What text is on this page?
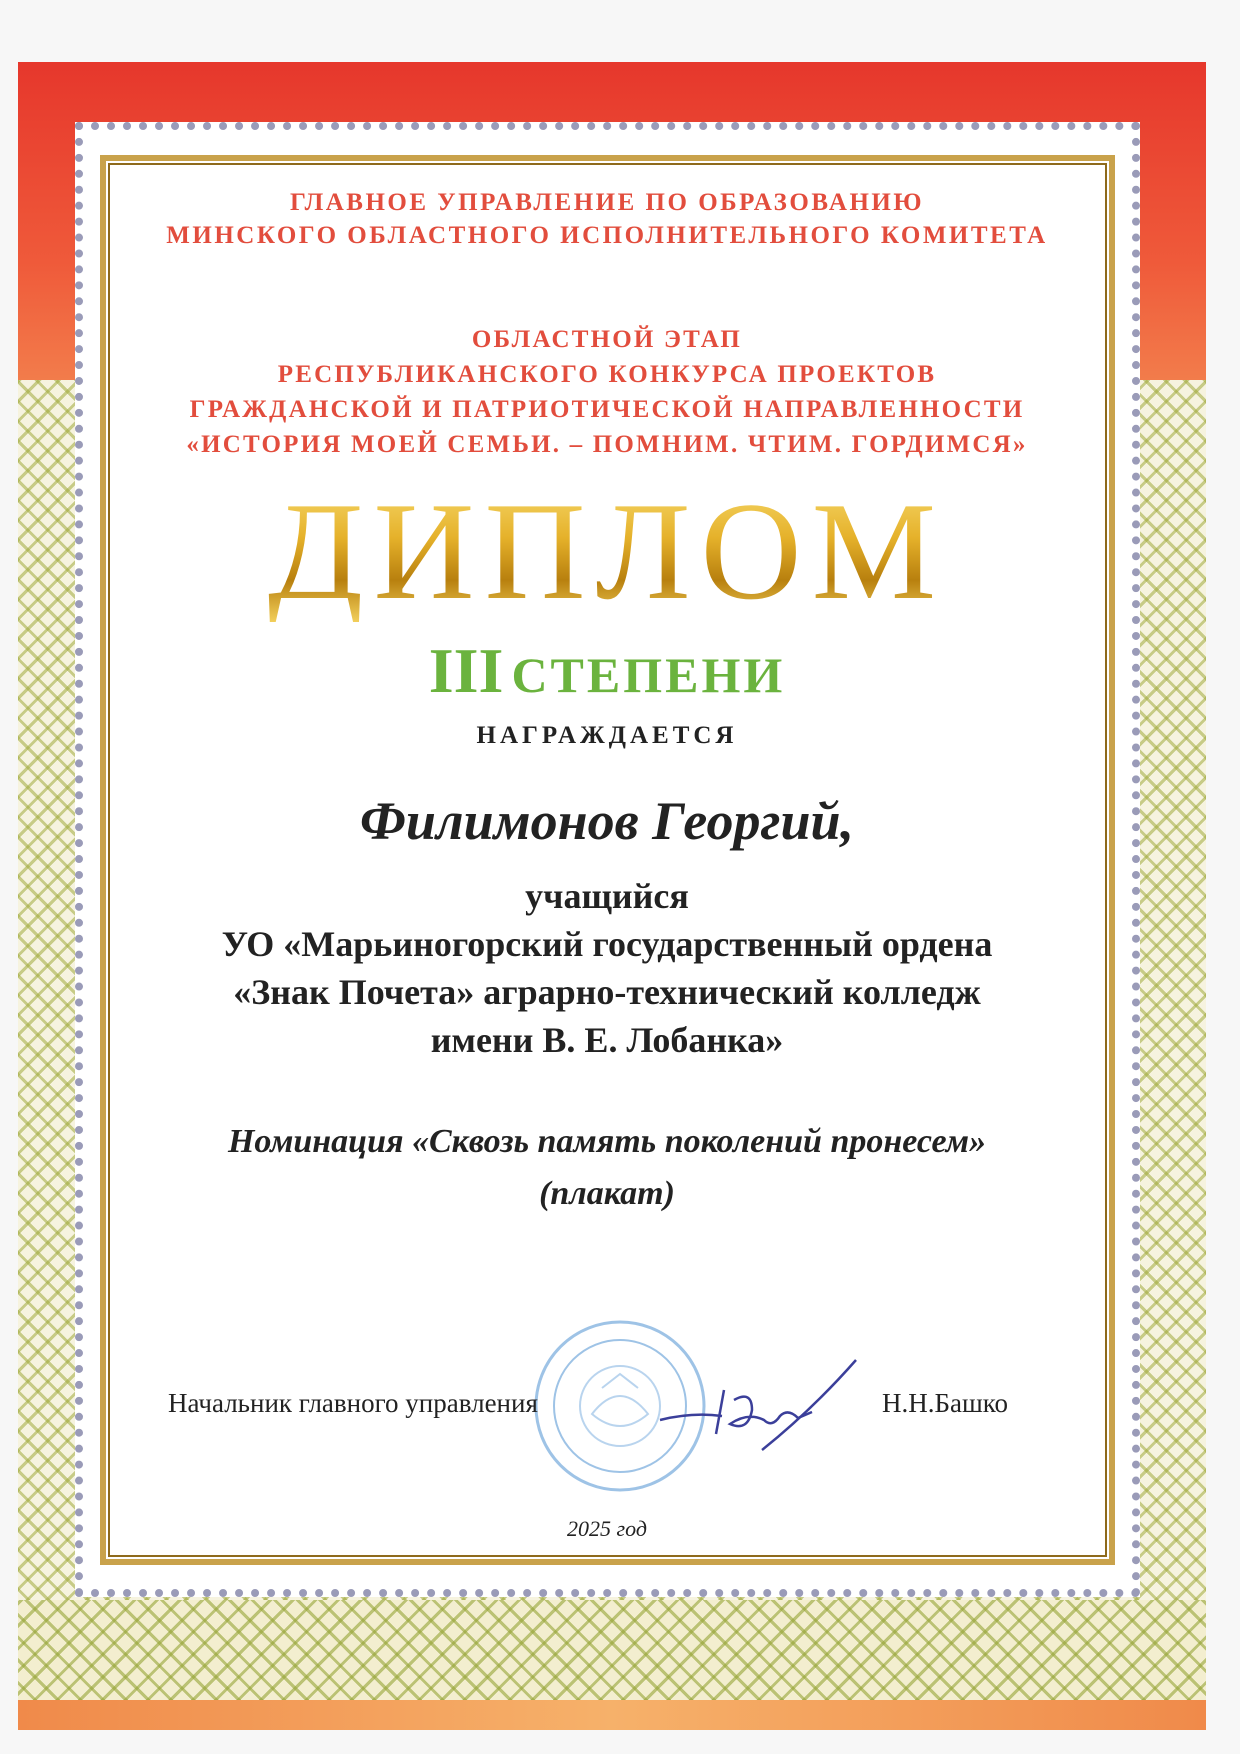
ГЛАВНОЕ УПРАВЛЕНИЕ ПО ОБРАЗОВАНИЮ
МИНСКОГО ОБЛАСТНОГО ИСПОЛНИТЕЛЬНОГО КОМИТЕТА
ОБЛАСТНОЙ ЭТАП
РЕСПУБЛИКАНСКОГО КОНКУРСА ПРОЕКТОВ
ГРАЖДАНСКОЙ И ПАТРИОТИЧЕСКОЙ НАПРАВЛЕННОСТИ
«ИСТОРИЯ МОЕЙ СЕМЬИ. – ПОМНИМ. ЧТИМ. ГОРДИМСЯ»
ДИПЛОМ
III СТЕПЕНИ
НАГРАЖДАЕТСЯ
Филимонов Георгий,
учащийся
УО «Марьиногорский государственный ордена
«Знак Почета» аграрно-технический колледж
имени В. Е. Лобанка»
Номинация «Сквозь память поколений пронесем»
(плакат)
Начальник главного управления	Н.Н.Башко
2025 год
